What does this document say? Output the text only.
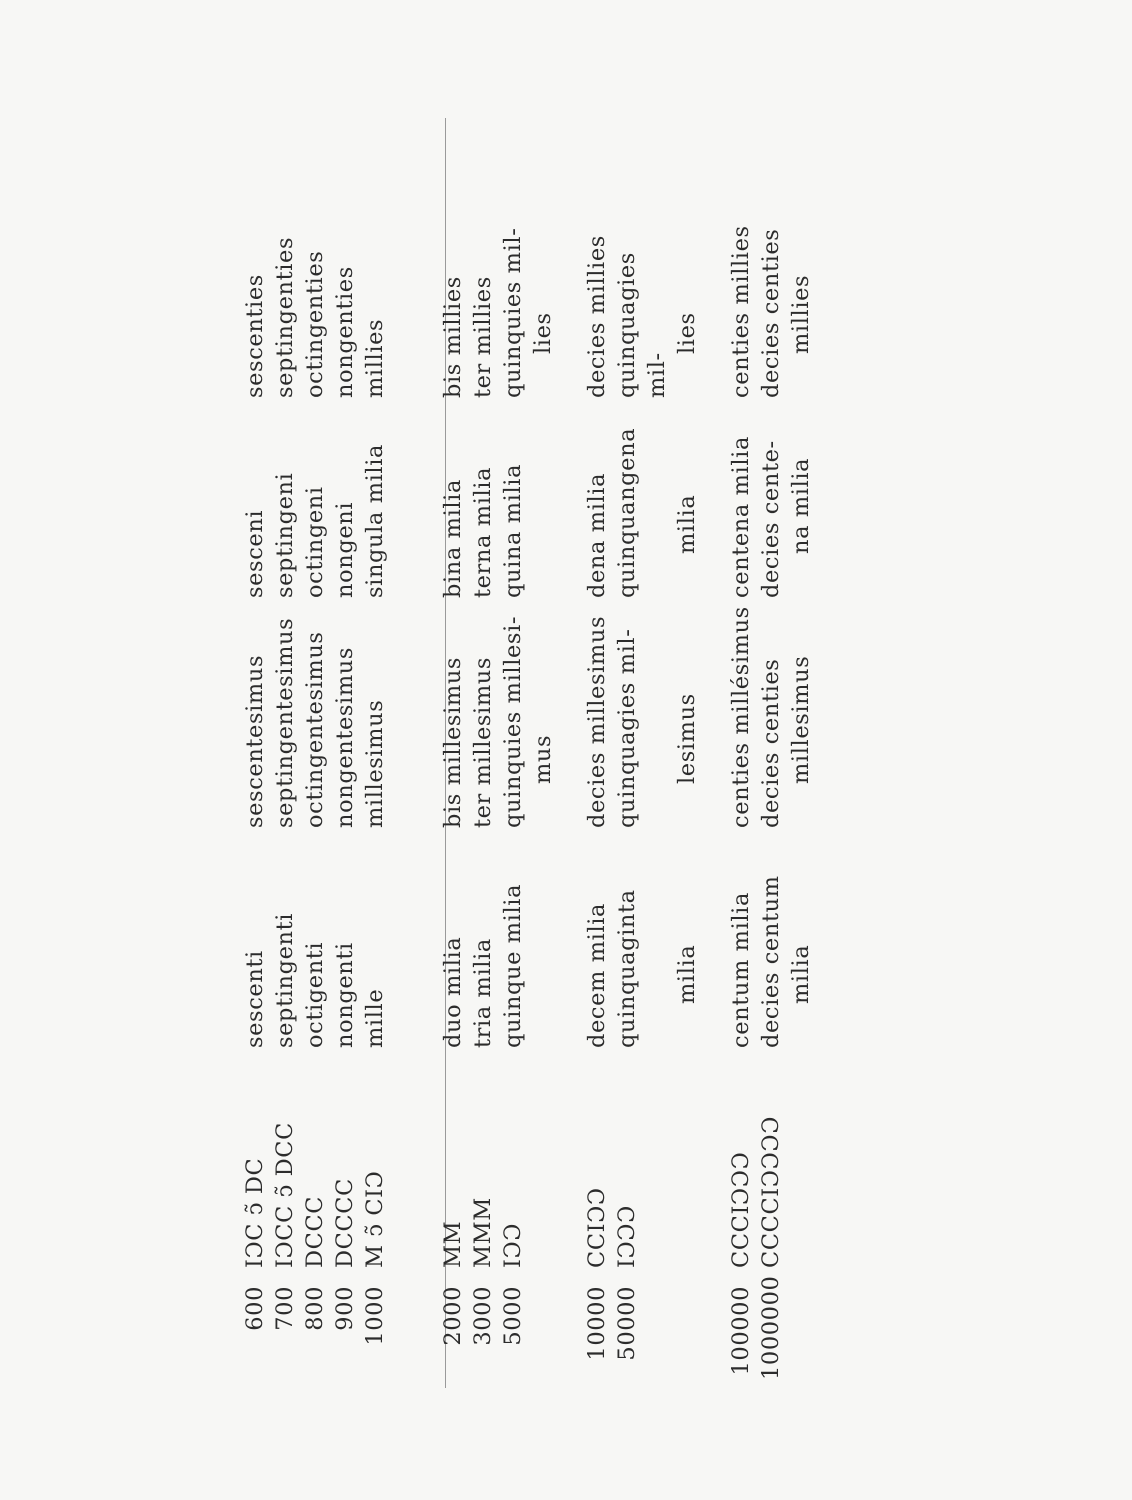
600	IƆC ↄ̃ DC	sescenti	sescentesimus	sesceni	sescenties
700	IƆCC ↄ̃ DCC	septingenti	septingentesimus	septingeni	septingenties
800	DCCC	octigenti	octingentesimus	octingeni	octingenties
900	DCCCC	nongenti	nongentesimus	nongeni	nongenties
1000	M ↄ̃ CIƆ	mille	millesimus	singula milia	millies

2000	MM	duo milia	bis millesimus	bina milia	bis millies
3000	MMM	tria milia	ter millesimus	terna milia	ter millies
5000	IƆƆ	quinque milia	quinquies millesi-	quina milia	quinquies mil-
			mus		lies

10000	CCIƆƆ	decem milia	decies millesimus	dena milia	decies millies
50000	IƆƆƆ	quinquaginta	quinquagies mil-	quinquangena	quinquagies mil-
		milia	lesimus	milia	lies

100000	CCCIƆƆƆ	centum milia	centies millésimus	centena milia	centies millies
1000000	CCCCIƆƆƆƆ	decies centum	decies centies	decies cente-	decies centies
		milia	millesimus	na milia	millies
